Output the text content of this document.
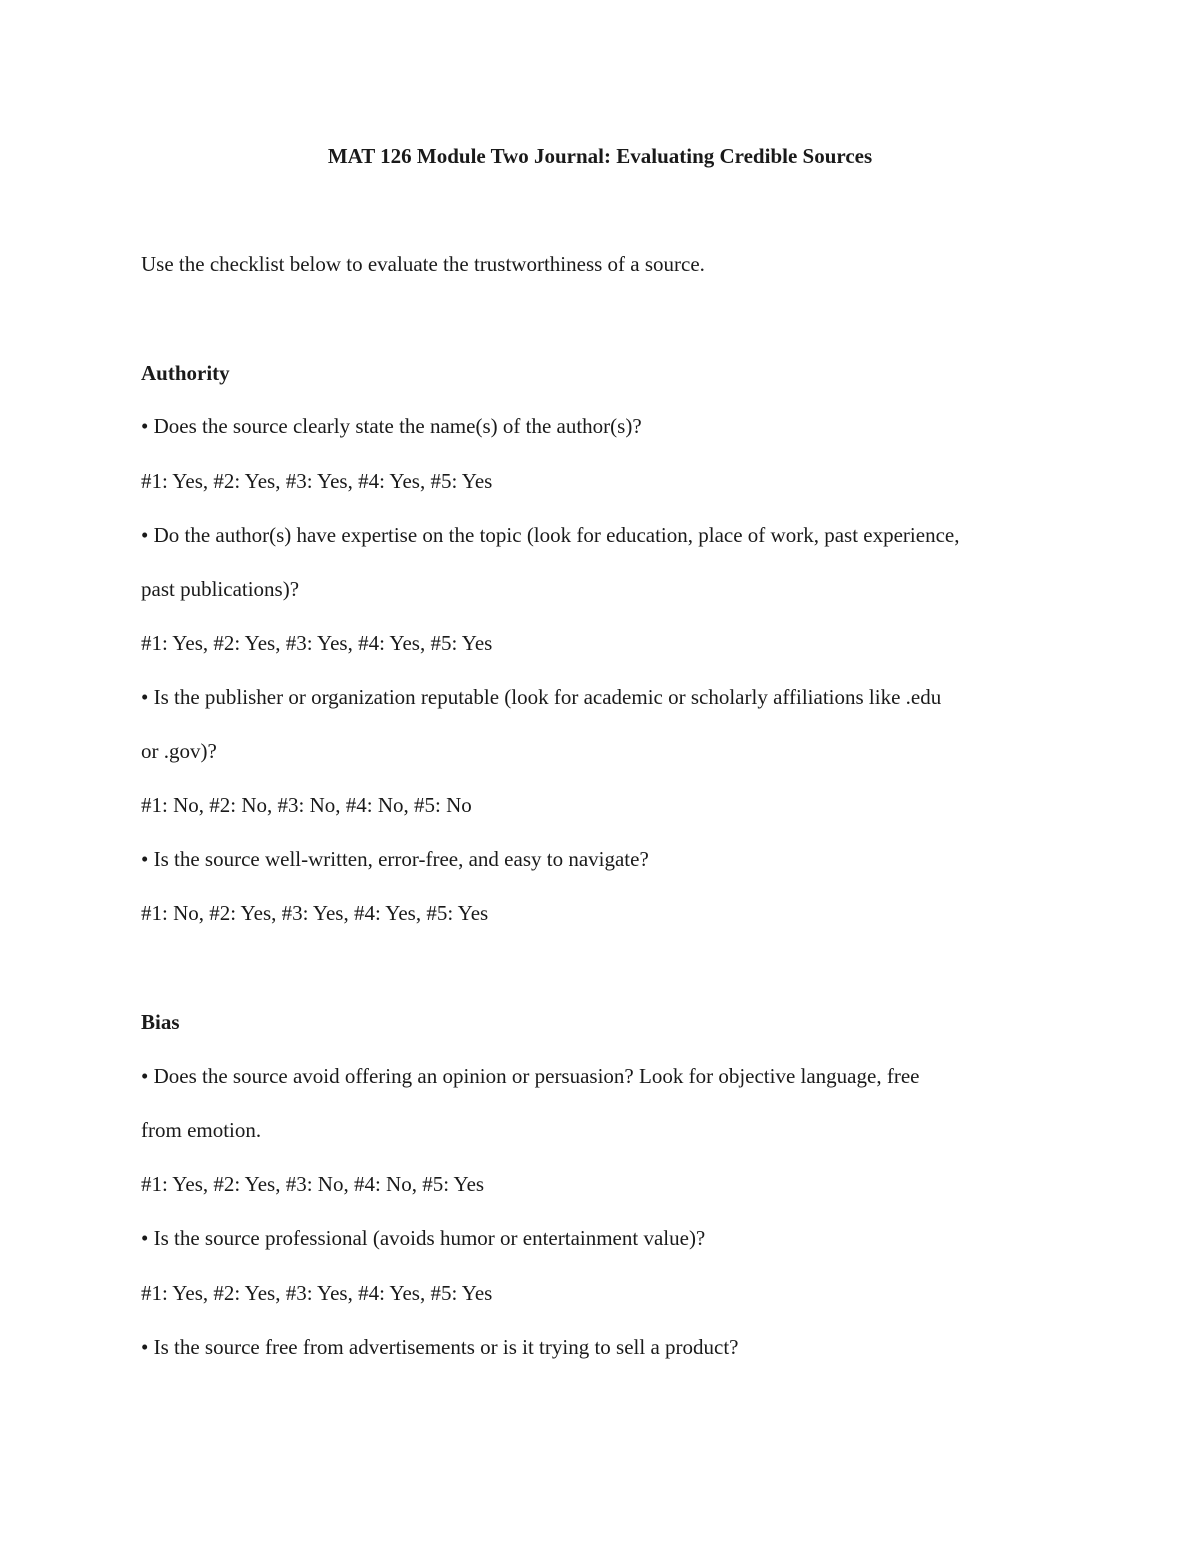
MAT 126 Module Two Journal: Evaluating Credible Sources

Use the checklist below to evaluate the trustworthiness of a source.

Authority

• Does the source clearly state the name(s) of the author(s)?

#1: Yes, #2: Yes, #3: Yes, #4: Yes, #5: Yes

• Do the author(s) have expertise on the topic (look for education, place of work, past experience,

past publications)?

#1: Yes, #2: Yes, #3: Yes, #4: Yes, #5: Yes

• Is the publisher or organization reputable (look for academic or scholarly affiliations like .edu

or .gov)?

#1: No, #2: No, #3: No, #4: No, #5: No

• Is the source well-written, error-free, and easy to navigate?

#1: No, #2: Yes, #3: Yes, #4: Yes, #5: Yes

Bias

• Does the source avoid offering an opinion or persuasion? Look for objective language, free

from emotion.

#1: Yes, #2: Yes, #3: No, #4: No, #5: Yes

• Is the source professional (avoids humor or entertainment value)?

#1: Yes, #2: Yes, #3: Yes, #4: Yes, #5: Yes

• Is the source free from advertisements or is it trying to sell a product?
